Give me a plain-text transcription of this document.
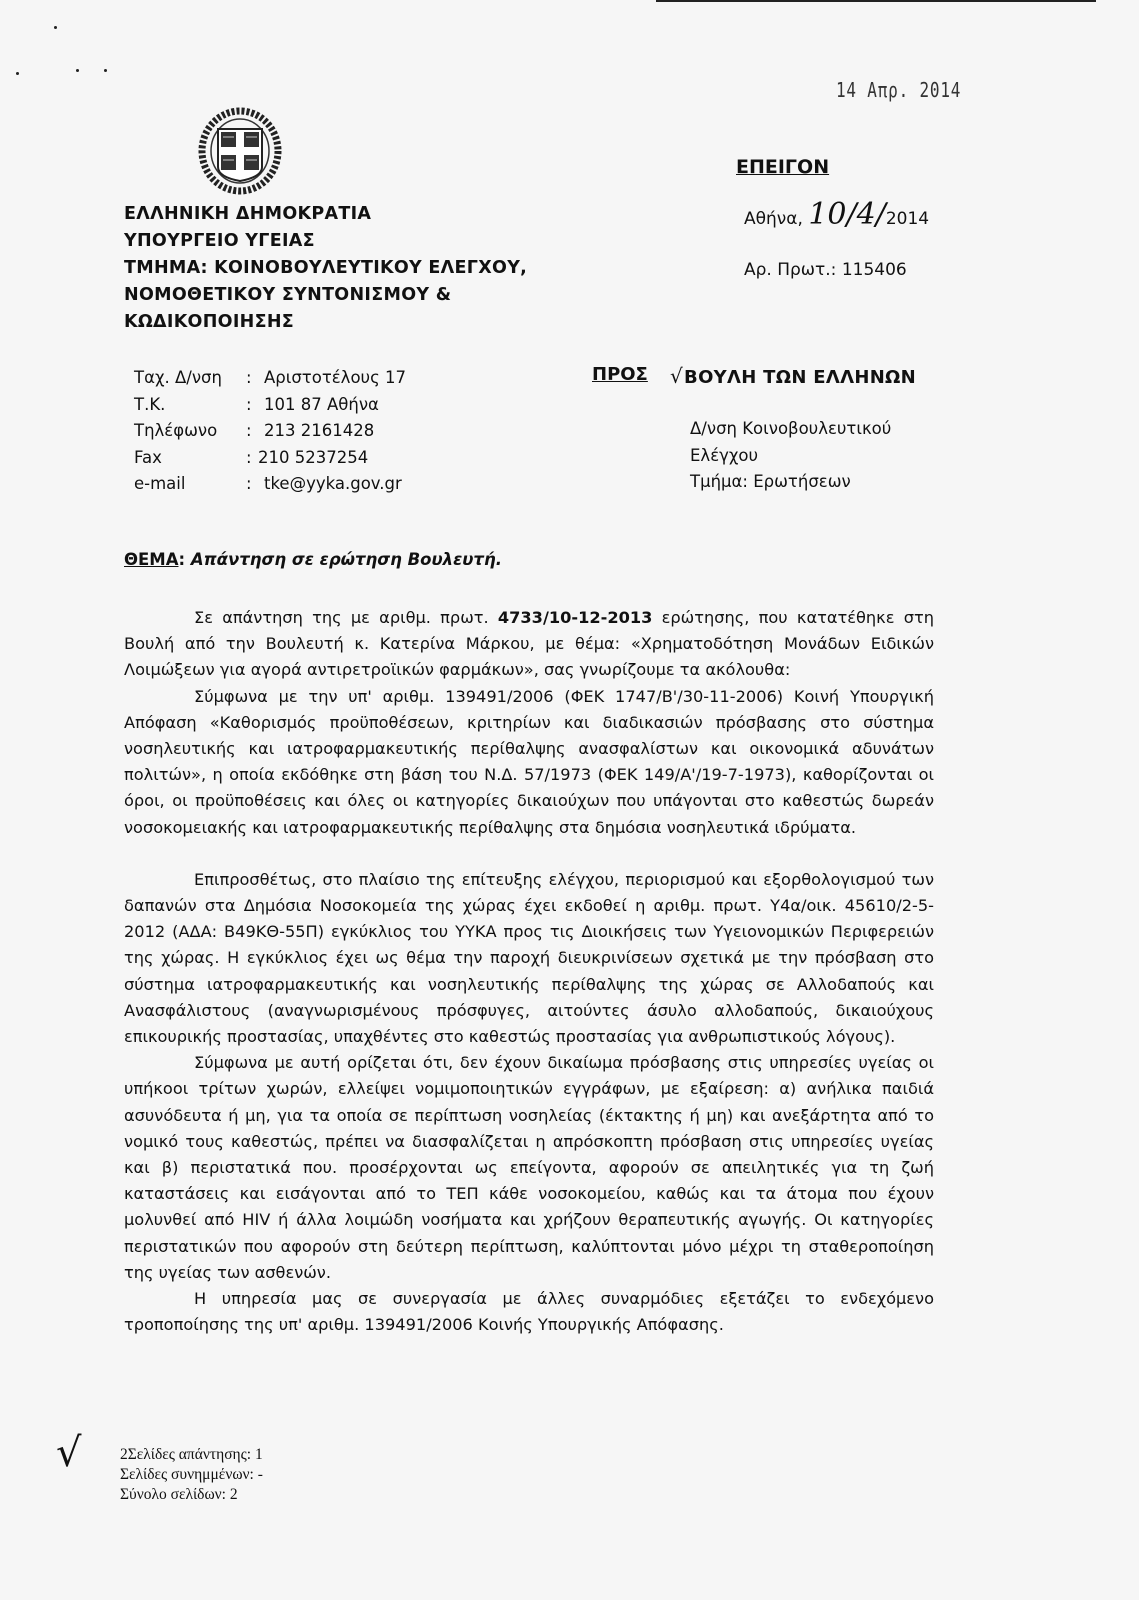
14 Απρ. 2014
ΕΛΛΗΝΙΚΗ ΔΗΜΟΚΡΑΤΙΑ
ΥΠΟΥΡΓΕΙΟ ΥΓΕΙΑΣ
ΤΜΗΜΑ: ΚΟΙΝΟΒΟΥΛΕΥΤΙΚΟΥ ΕΛΕΓΧΟΥ,
ΝΟΜΟΘΕΤΙΚΟΥ ΣΥΝΤΟΝΙΣΜΟΥ &
ΚΩΔΙΚΟΠΟΙΗΣΗΣ
ΕΠΕΙΓΟΝ
Αθήνα, 10/4/2014
Αρ. Πρωτ.: 115406
Ταχ. Δ/νση	: Αριστοτέλους 17
Τ.Κ.	: 101 87 Αθήνα
Τηλέφωνο	: 213 2161428
Fax	: 210 5237254
e-mail	: tke@yyka.gov.gr
ΠΡΟΣ √ΒΟΥΛΗ ΤΩΝ ΕΛΛΗΝΩΝ
Δ/νση Κοινοβουλευτικού
Ελέγχου
Τμήμα: Ερωτήσεων
ΘΕΜΑ: Απάντηση σε ερώτηση Βουλευτή.

Σε απάντηση της με αριθμ. πρωτ. 4733/10-12-2013 ερώτησης, που κατατέθηκε στη Βουλή από την Βουλευτή κ. Κατερίνα Μάρκου, με θέμα: «Χρηματοδότηση Μονάδων Ειδικών Λοιμώξεων για αγορά αντιρετροϊικών φαρμάκων», σας γνωρίζουμε τα ακόλουθα:

Σύμφωνα με την υπ' αριθμ. 139491/2006 (ΦΕΚ 1747/Β'/30-11-2006) Κοινή Υπουργική Απόφαση «Καθορισμός προϋποθέσεων, κριτηρίων και διαδικασιών πρόσβασης στο σύστημα νοσηλευτικής και ιατροφαρμακευτικής περίθαλψης ανασφαλίστων και οικονομικά αδυνάτων πολιτών», η οποία εκδόθηκε στη βάση του Ν.Δ. 57/1973 (ΦΕΚ 149/Α'/19-7-1973), καθορίζονται οι όροι, οι προϋποθέσεις και όλες οι κατηγορίες δικαιούχων που υπάγονται στο καθεστώς δωρεάν νοσοκομειακής και ιατροφαρμακευτικής περίθαλψης στα δημόσια νοσηλευτικά ιδρύματα.

Επιπροσθέτως, στο πλαίσιο της επίτευξης ελέγχου, περιορισμού και εξορθολογισμού των δαπανών στα Δημόσια Νοσοκομεία της χώρας έχει εκδοθεί η αριθμ. πρωτ. Υ4α/οικ. 45610/2-5-2012 (ΑΔΑ: Β49ΚΘ-55Π) εγκύκλιος του ΥΥΚΑ προς τις Διοικήσεις των Υγειονομικών Περιφερειών της χώρας. Η εγκύκλιος έχει ως θέμα την παροχή διευκρινίσεων σχετικά με την πρόσβαση στο σύστημα ιατροφαρμακευτικής και νοσηλευτικής περίθαλψης της χώρας σε Αλλοδαπούς και Ανασφάλιστους (αναγνωρισμένους πρόσφυγες, αιτούντες άσυλο αλλοδαπούς, δικαιούχους επικουρικής προστασίας, υπαχθέντες στο καθεστώς προστασίας για ανθρωπιστικούς λόγους).

Σύμφωνα με αυτή ορίζεται ότι, δεν έχουν δικαίωμα πρόσβασης στις υπηρεσίες υγείας οι υπήκοοι τρίτων χωρών, ελλείψει νομιμοποιητικών εγγράφων, με εξαίρεση: α) ανήλικα παιδιά ασυνόδευτα ή μη, για τα οποία σε περίπτωση νοσηλείας (έκτακτης ή μη) και ανεξάρτητα από το νομικό τους καθεστώς, πρέπει να διασφαλίζεται η απρόσκοπτη πρόσβαση στις υπηρεσίες υγείας και β) περιστατικά που. προσέρχονται ως επείγοντα, αφορούν σε απειλητικές για τη ζωή καταστάσεις και εισάγονται από το ΤΕΠ κάθε νοσοκομείου, καθώς και τα άτομα που έχουν μολυνθεί από HIV ή άλλα λοιμώδη νοσήματα και χρήζουν θεραπευτικής αγωγής. Οι κατηγορίες περιστατικών που αφορούν στη δεύτερη περίπτωση, καλύπτονται μόνο μέχρι τη σταθεροποίηση της υγείας των ασθενών.

Η υπηρεσία μας σε συνεργασία με άλλες συναρμόδιες εξετάζει το ενδεχόμενο τροποποίησης της υπ' αριθμ. 139491/2006 Κοινής Υπουργικής Απόφασης.

√ 2Σελίδες απάντησης: 1
Σελίδες συνημμένων: -
Σύνολο σελίδων: 2
